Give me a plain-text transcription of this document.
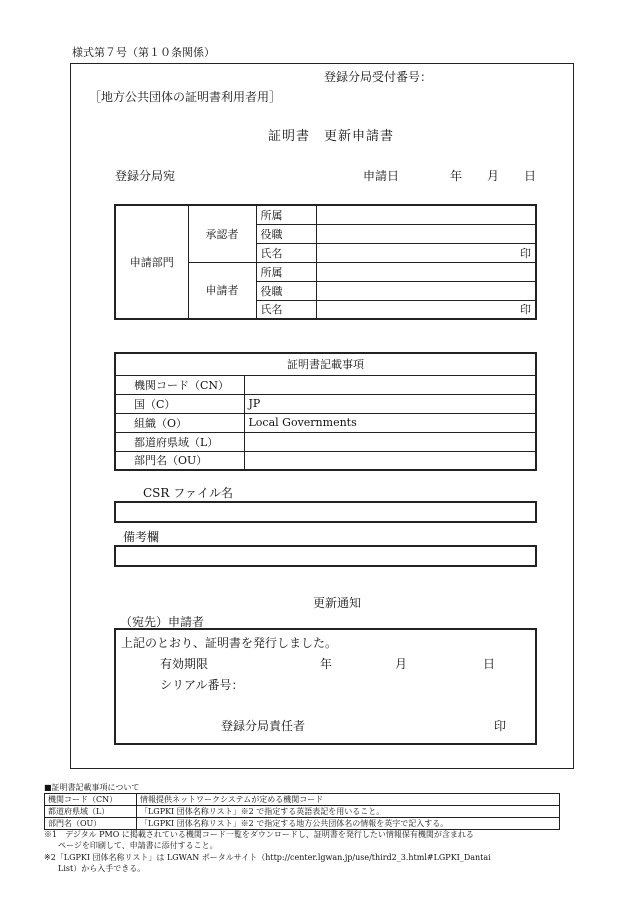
様式第７号（第１０条関係）
登録分局受付番号：
［地方公共団体の証明書利用者用］
証明書　更新申請書
登録分局宛	申請日	年 月 日
申請部門	承認者	所属	
		役職	
		氏名	印
	申請者	所属	
		役職	
		氏名	印
証明書記載事項	
機関コード（CN）	
国（C）	JP
組織（O）	Local Governments
都道府県域（L）	
部門名（OU）	
CSR ファイル名
備考欄
更新通知
（宛先）申請者
上記のとおり、証明書を発行しました。
有効期限	年	月	日
シリアル番号：
登録分局責任者	印
■証明書記載事項について
機関コード（CN）	情報提供ネットワークシステムが定める機関コード
都道府県域（L）	「LGPKI 団体名称リスト」※2 で指定する英語表記を用いること。
部門名（OU）	「LGPKI 団体名称リスト」※2 で指定する地方公共団体名の情報を英字で記入する。
※1　デジタル PMO に掲載されている機関コード一覧をダウンロードし、証明書を発行したい情報保有機関が含まれる
ページを印刷して、申請書に添付すること。
※2「LGPKI 団体名称リスト」は LGWAN ポータルサイト（http://center.lgwan.jp/use/third2_3.html#LGPKI_Dantai
List）から入手できる。
